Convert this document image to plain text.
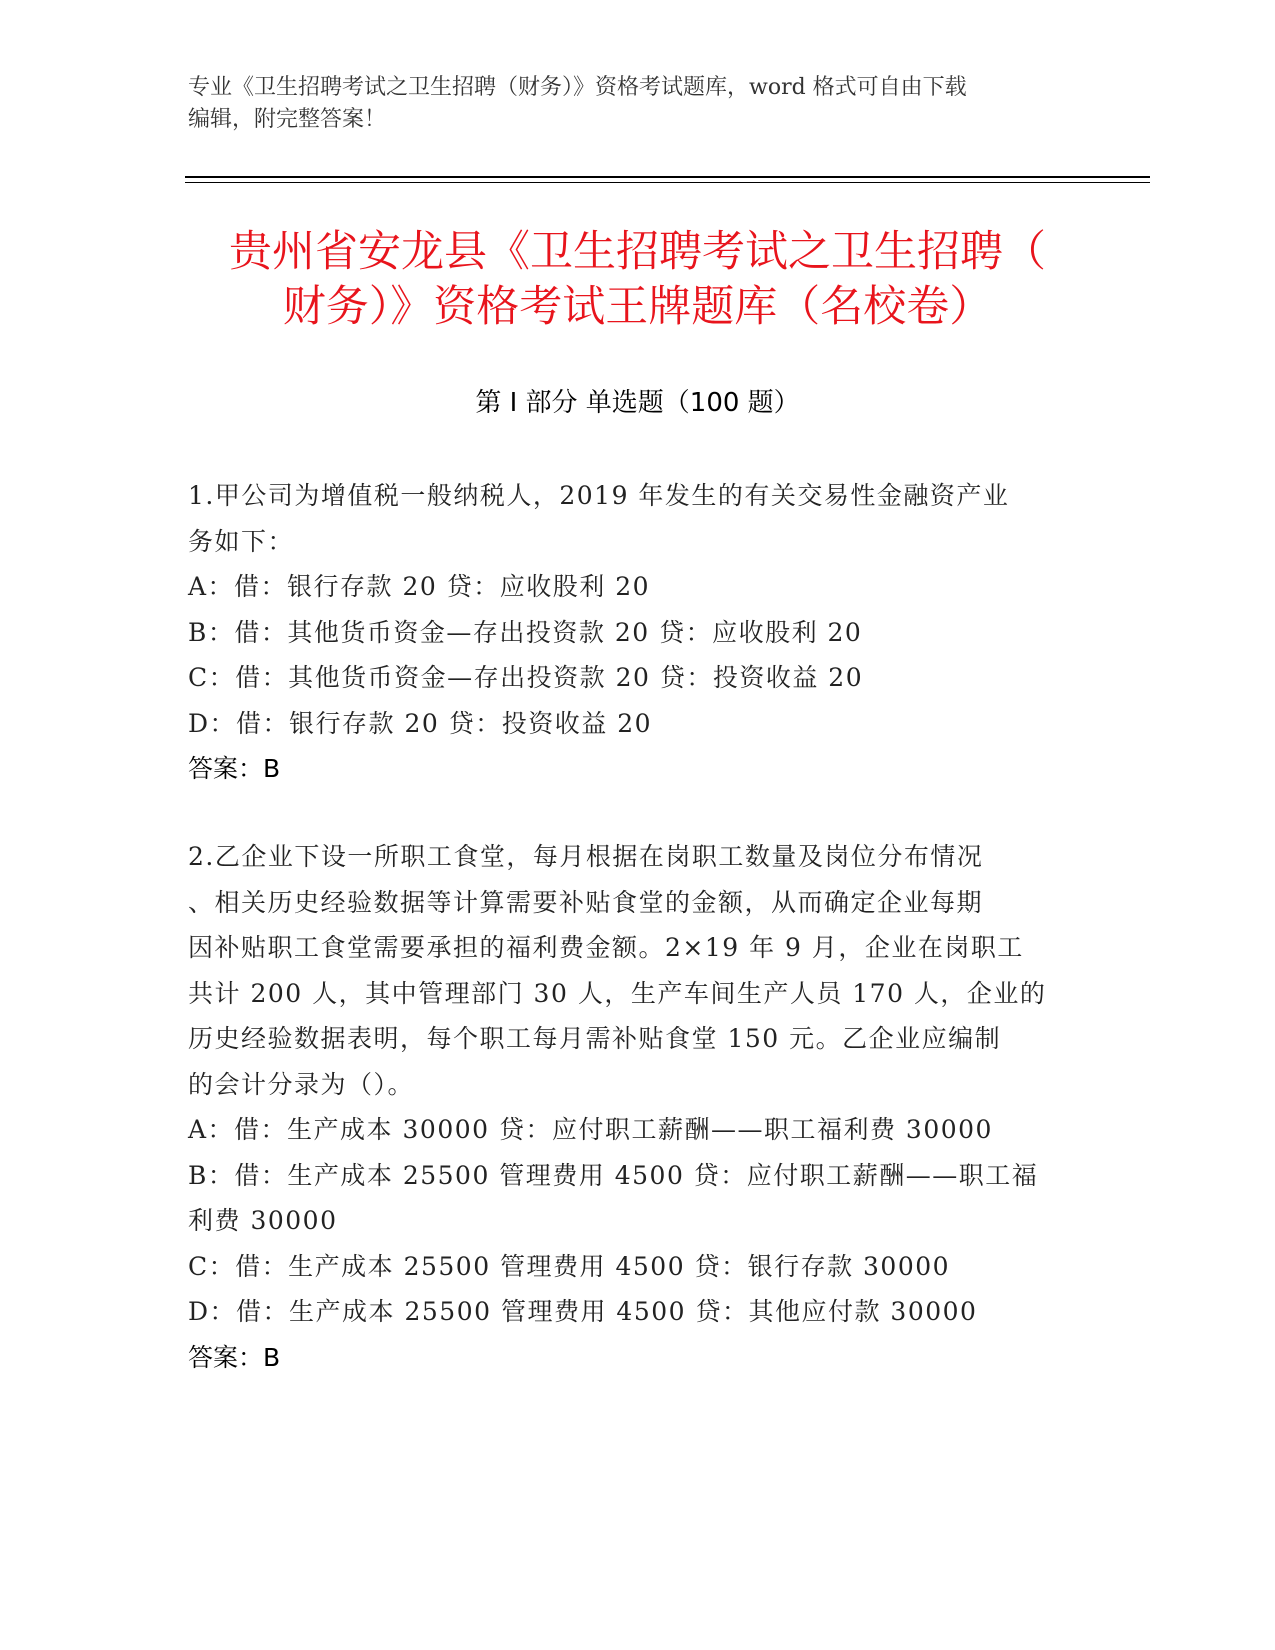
专业《卫生招聘考试之卫生招聘（财务）》资格考试题库，word 格式可自由下载
编辑，附完整答案！
贵州省安龙县《卫生招聘考试之卫生招聘（
财务）》资格考试王牌题库（名校卷）
第 I 部分 单选题（100 题）
1.甲公司为增值税一般纳税人，2019 年发生的有关交易性金融资产业
务如下：
A：借：银行存款 20 贷：应收股利 20
B：借：其他货币资金—存出投资款 20 贷：应收股利 20
C：借：其他货币资金—存出投资款 20 贷：投资收益 20
D：借：银行存款 20 贷：投资收益 20
答案：B
2.乙企业下设一所职工食堂，每月根据在岗职工数量及岗位分布情况
、相关历史经验数据等计算需要补贴食堂的金额，从而确定企业每期
因补贴职工食堂需要承担的福利费金额。2×19 年 9 月，企业在岗职工
共计 200 人，其中管理部门 30 人，生产车间生产人员 170 人，企业的
历史经验数据表明，每个职工每月需补贴食堂 150 元。乙企业应编制
的会计分录为（）。
A：借：生产成本 30000 贷：应付职工薪酬——职工福利费 30000
B：借：生产成本 25500 管理费用 4500 贷：应付职工薪酬——职工福
利费 30000
C：借：生产成本 25500 管理费用 4500 贷：银行存款 30000
D：借：生产成本 25500 管理费用 4500 贷：其他应付款 30000
答案：B
